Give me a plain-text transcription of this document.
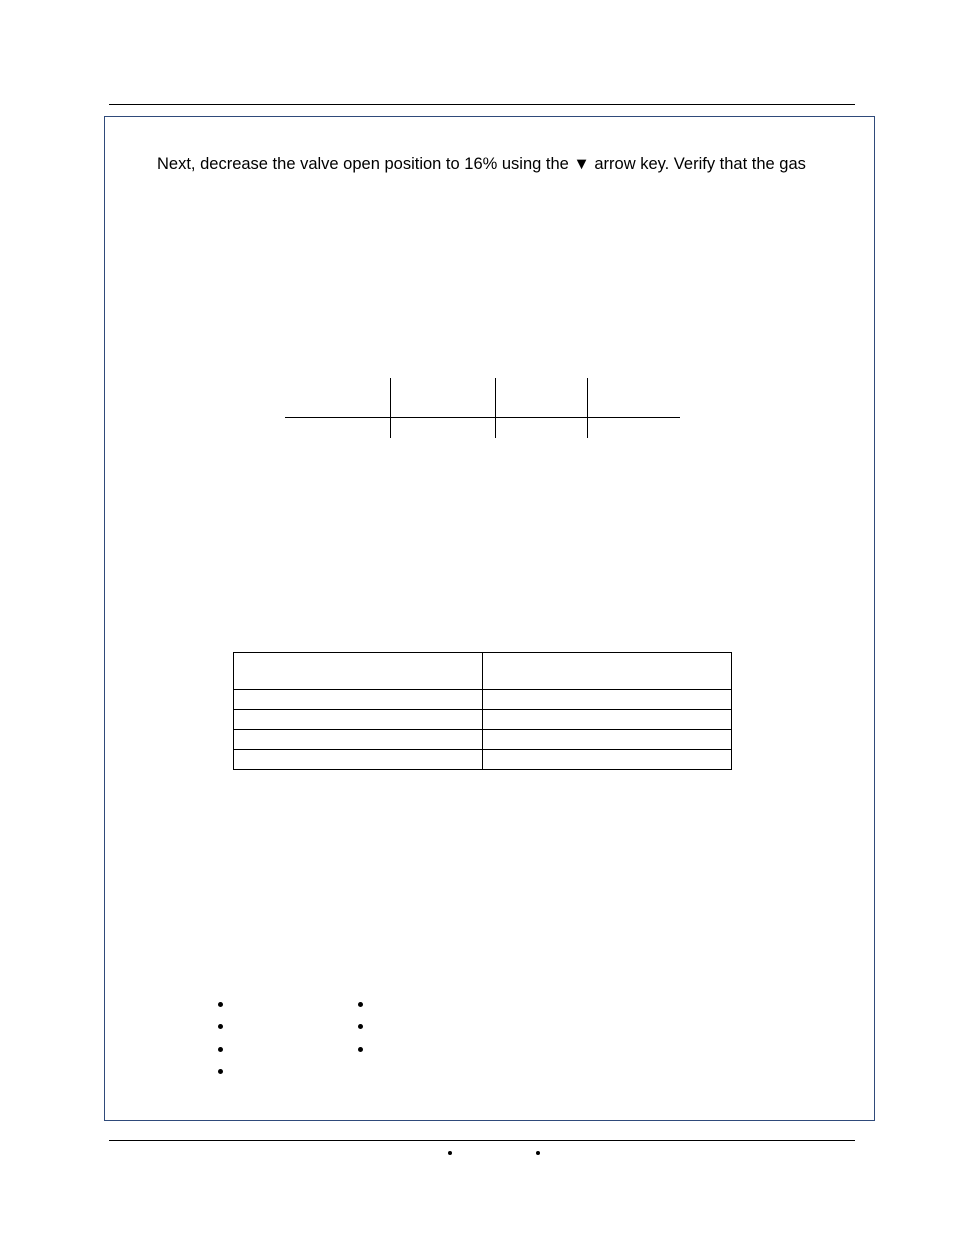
Next, decrease the valve open position to 16% using the ▼ arrow key. Verify that the gas
